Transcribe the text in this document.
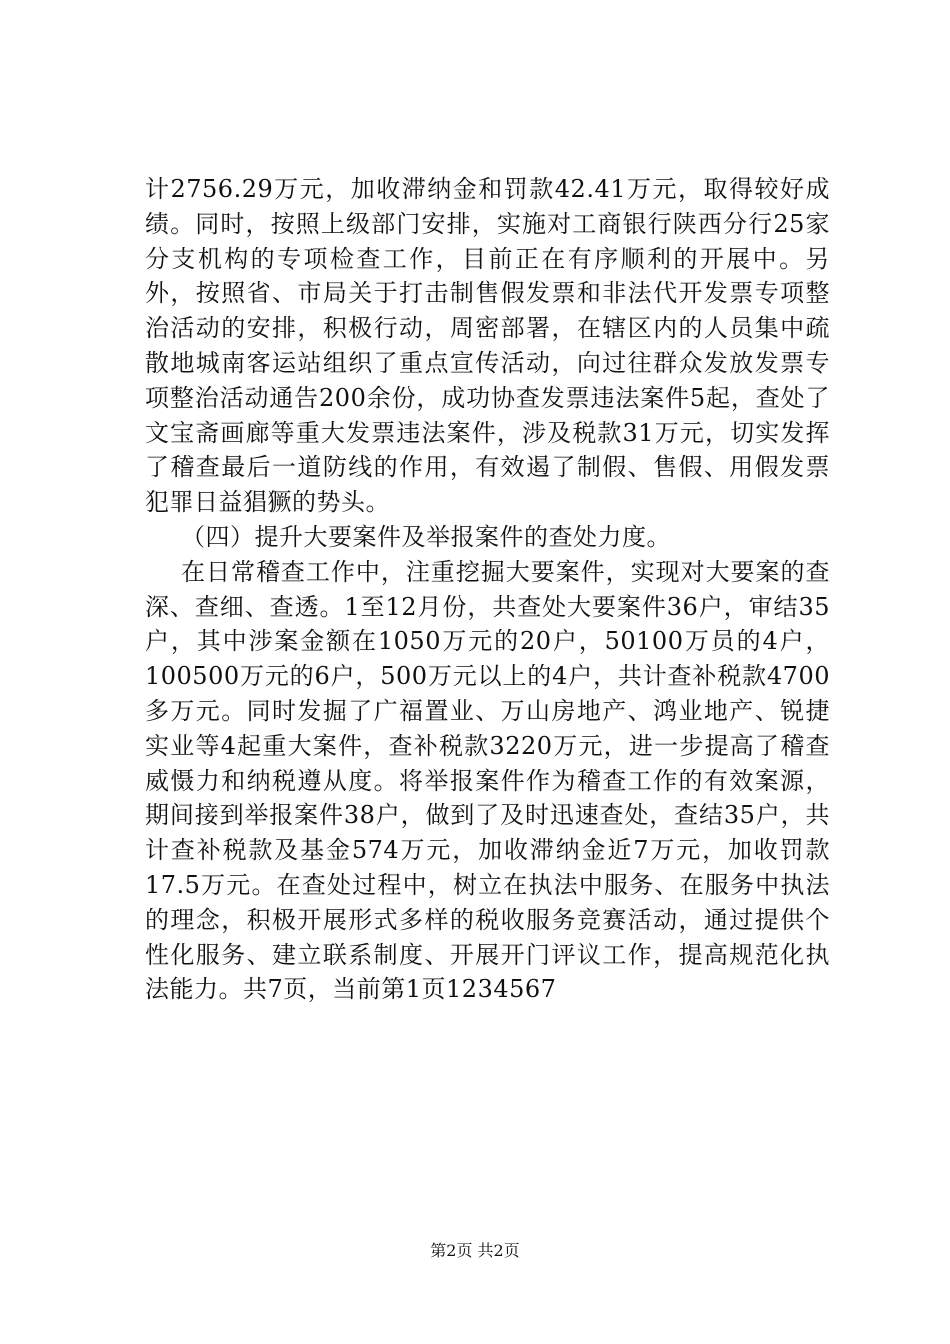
计2756.29万元，加收滞纳金和罚款42.41万元，取得较好成绩。同时，按照上级部门安排，实施对工商银行陕西分行25家分支机构的专项检查工作，目前正在有序顺利的开展中。另外，按照省、市局关于打击制售假发票和非法代开发票专项整治活动的安排，积极行动，周密部署，在辖区内的人员集中疏散地城南客运站组织了重点宣传活动，向过往群众发放发票专项整治活动通告200余份，成功协查发票违法案件5起，查处了文宝斋画廊等重大发票违法案件，涉及税款31万元，切实发挥了稽查最后一道防线的作用，有效遏了制假、售假、用假发票犯罪日益猖獗的势头。

（四）提升大要案件及举报案件的查处力度。

在日常稽查工作中，注重挖掘大要案件，实现对大要案的查深、查细、查透。1至12月份，共查处大要案件36户，审结35户，其中涉案金额在1050万元的20户，50100万员的4户，100500万元的6户，500万元以上的4户，共计查补税款4700多万元。同时发掘了广福置业、万山房地产、鸿业地产、锐捷实业等4起重大案件，查补税款3220万元，进一步提高了稽查威慑力和纳税遵从度。将举报案件作为稽查工作的有效案源，期间接到举报案件38户，做到了及时迅速查处，查结35户，共计查补税款及基金574万元，加收滞纳金近7万元，加收罚款17.5万元。在查处过程中，树立在执法中服务、在服务中执法的理念，积极开展形式多样的税收服务竞赛活动，通过提供个性化服务、建立联系制度、开展开门评议工作，提高规范化执法能力。共7页，当前第1页1234567

第2页 共2页
